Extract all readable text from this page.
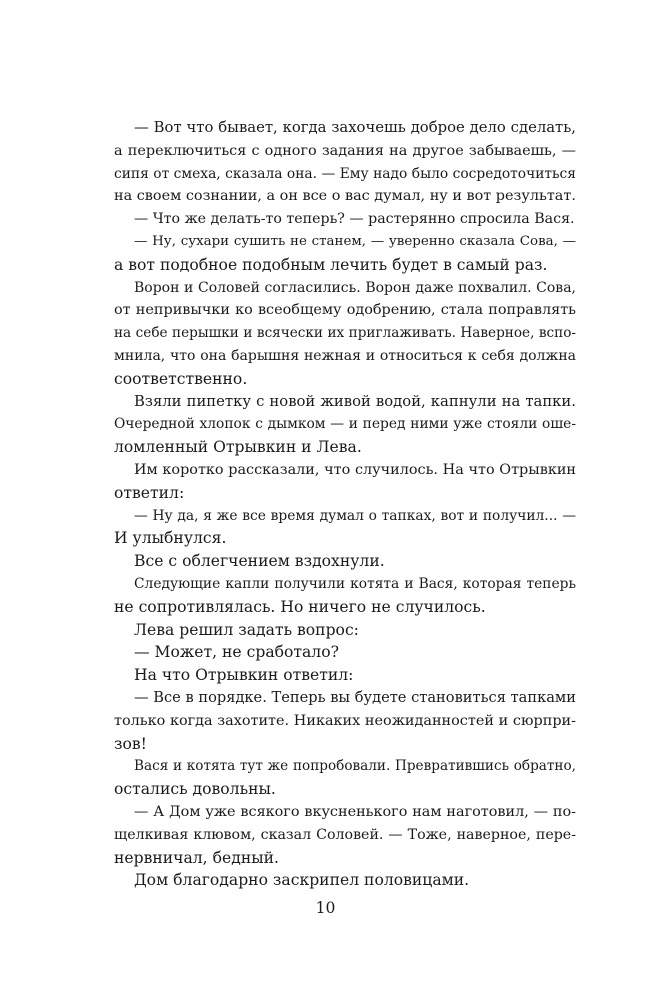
— Вот что бывает, когда захочешь доброе дело сделать,
а переключиться с одного задания на другое забываешь, —
сипя от смеха, сказала она. — Ему надо было сосредоточиться
на своем сознании, а он все о вас думал, ну и вот результат.
— Что же делать-то теперь? — растерянно спросила Вася.
— Ну, сухари сушить не станем, — уверенно сказала Сова, —
а вот подобное подобным лечить будет в самый раз.
Ворон и Соловей согласились. Ворон даже похвалил. Сова,
от непривычки ко всеобщему одобрению, стала поправлять
на себе перышки и всячески их приглаживать. Наверное, вспо-
мнила, что она барышня нежная и относиться к себя должна
соответственно.
Взяли пипетку с новой живой водой, капнули на тапки.
Очередной хлопок с дымком — и перед ними уже стояли оше-
ломленный Отрывкин и Лева.
Им коротко рассказали, что случилось. На что Отрывкин
ответил:
— Ну да, я же все время думал о тапках, вот и получил... —
И улыбнулся.
Все с облегчением вздохнули.
Следующие капли получили котята и Вася, которая теперь
не сопротивлялась. Но ничего не случилось.
Лева решил задать вопрос:
— Может, не сработало?
На что Отрывкин ответил:
— Все в порядке. Теперь вы будете становиться тапками
только когда захотите. Никаких неожиданностей и сюрпри-
зов!
Вася и котята тут же попробовали. Превратившись обратно,
остались довольны.
— А Дом уже всякого вкусненького нам наготовил, — по-
щелкивая клювом, сказал Соловей. — Тоже, наверное, пере-
нервничал, бедный.
Дом благодарно заскрипел половицами.
10
